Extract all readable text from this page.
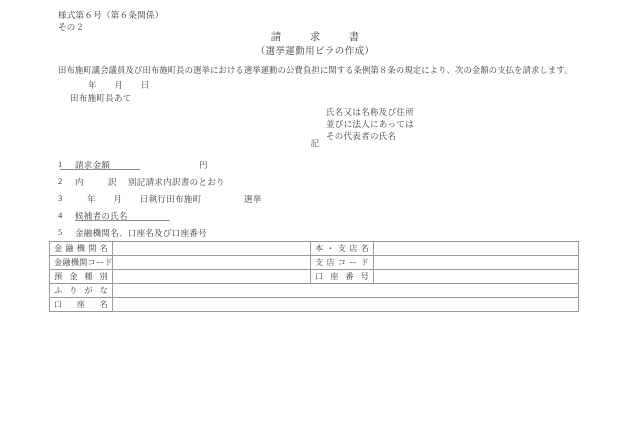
様式第６号（第６条関係）
その２
請　求　書
（選挙運動用ビラの作成）
田布施町議会議員及び田布施町長の選挙における選挙運動の公費負担に関する条例第８条の規定により、次の金額の支払を請求します。
年　　月　　日
田布施町長あて
氏名又は名称及び住所
並びに法人にあっては
その代表者の氏名
記
1	請求金額	円
2	内　訳 別記請求内訳書のとおり
3	年　　月　　日執行田布施町	選挙
4	候補者の氏名
5	金融機関名、口座名及び口座番号
金融機関名		本・支店名	
金融機関コード		支店コード	
預金種別		口座番号	
ふりがな			
口座名			
